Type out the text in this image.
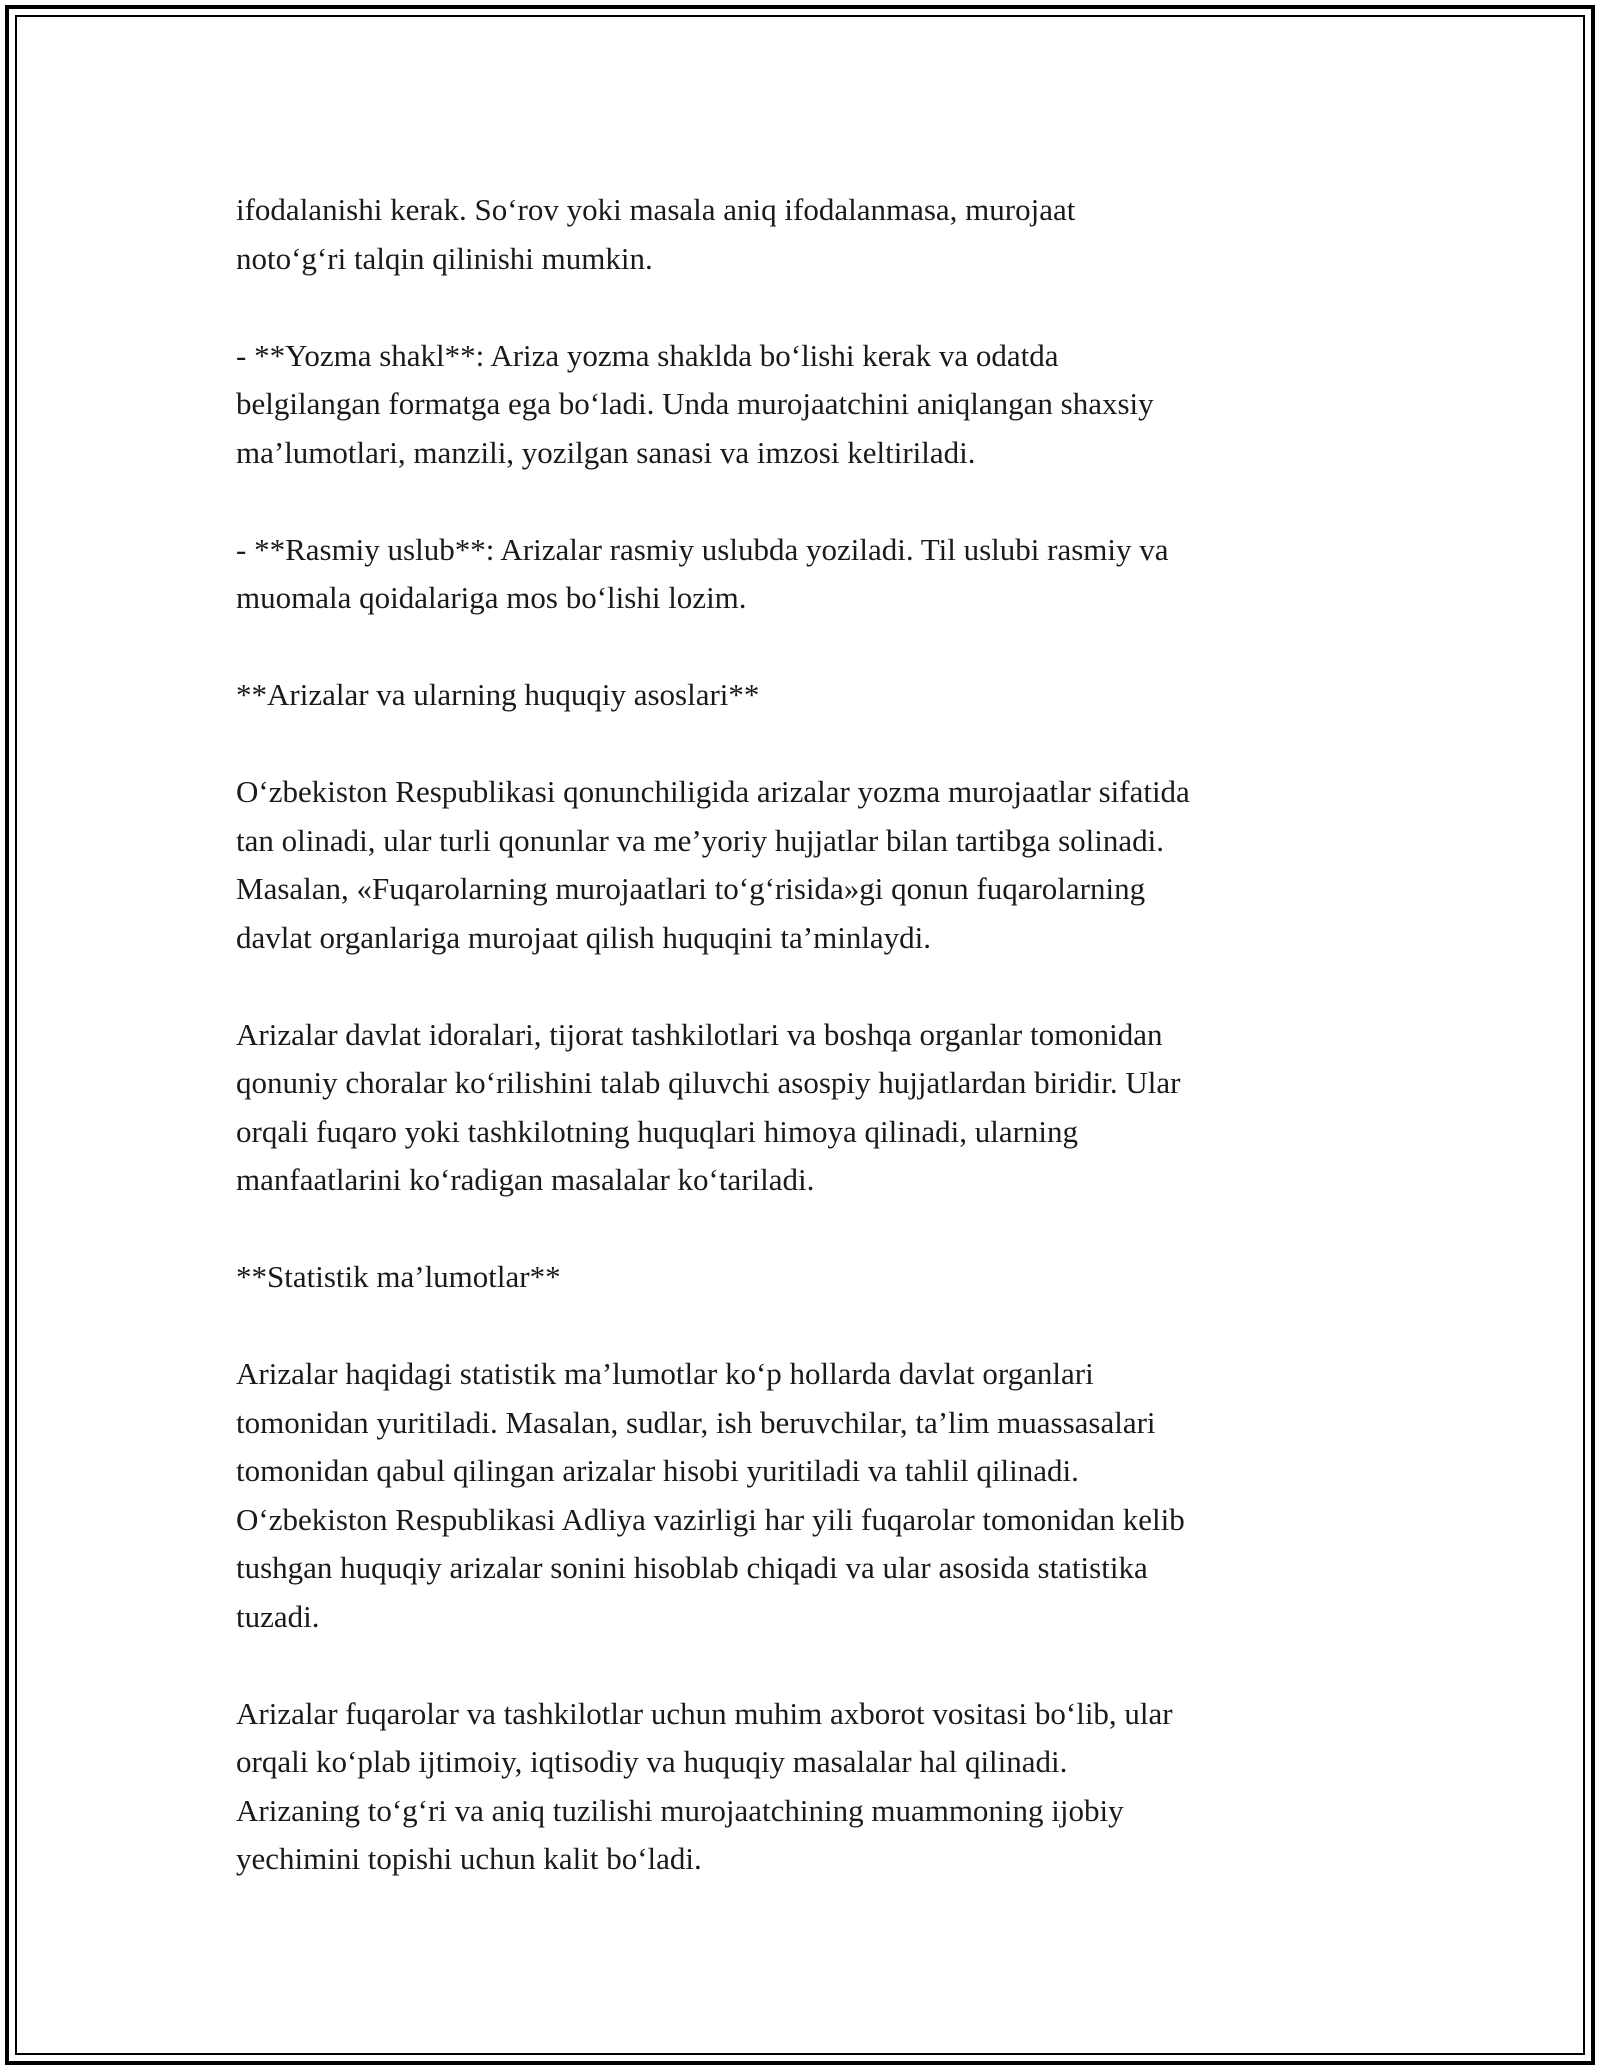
ifodalanishi kerak. So‘rov yoki masala aniq ifodalanmasa, murojaat
noto‘g‘ri talqin qilinishi mumkin.

- **Yozma shakl**: Ariza yozma shaklda bo‘lishi kerak va odatda
belgilangan formatga ega bo‘ladi. Unda murojaatchini aniqlangan shaxsiy
ma’lumotlari, manzili, yozilgan sanasi va imzosi keltiriladi.

- **Rasmiy uslub**: Arizalar rasmiy uslubda yoziladi. Til uslubi rasmiy va
muomala qoidalariga mos bo‘lishi lozim.

**Arizalar va ularning huquqiy asoslari**

O‘zbekiston Respublikasi qonunchiligida arizalar yozma murojaatlar sifatida
tan olinadi, ular turli qonunlar va me’yoriy hujjatlar bilan tartibga solinadi.
Masalan, «Fuqarolarning murojaatlari to‘g‘risida»gi qonun fuqarolarning
davlat organlariga murojaat qilish huquqini ta’minlaydi.

Arizalar davlat idoralari, tijorat tashkilotlari va boshqa organlar tomonidan
qonuniy choralar ko‘rilishini talab qiluvchi asospiy hujjatlardan biridir. Ular
orqali fuqaro yoki tashkilotning huquqlari himoya qilinadi, ularning
manfaatlarini ko‘radigan masalalar ko‘tariladi.

**Statistik ma’lumotlar**

Arizalar haqidagi statistik ma’lumotlar ko‘p hollarda davlat organlari
tomonidan yuritiladi. Masalan, sudlar, ish beruvchilar, ta’lim muassasalari
tomonidan qabul qilingan arizalar hisobi yuritiladi va tahlil qilinadi.
O‘zbekiston Respublikasi Adliya vazirligi har yili fuqarolar tomonidan kelib
tushgan huquqiy arizalar sonini hisoblab chiqadi va ular asosida statistika
tuzadi.

Arizalar fuqarolar va tashkilotlar uchun muhim axborot vositasi bo‘lib, ular
orqali ko‘plab ijtimoiy, iqtisodiy va huquqiy masalalar hal qilinadi.
Arizaning to‘g‘ri va aniq tuzilishi murojaatchining muammoning ijobiy
yechimini topishi uchun kalit bo‘ladi.
